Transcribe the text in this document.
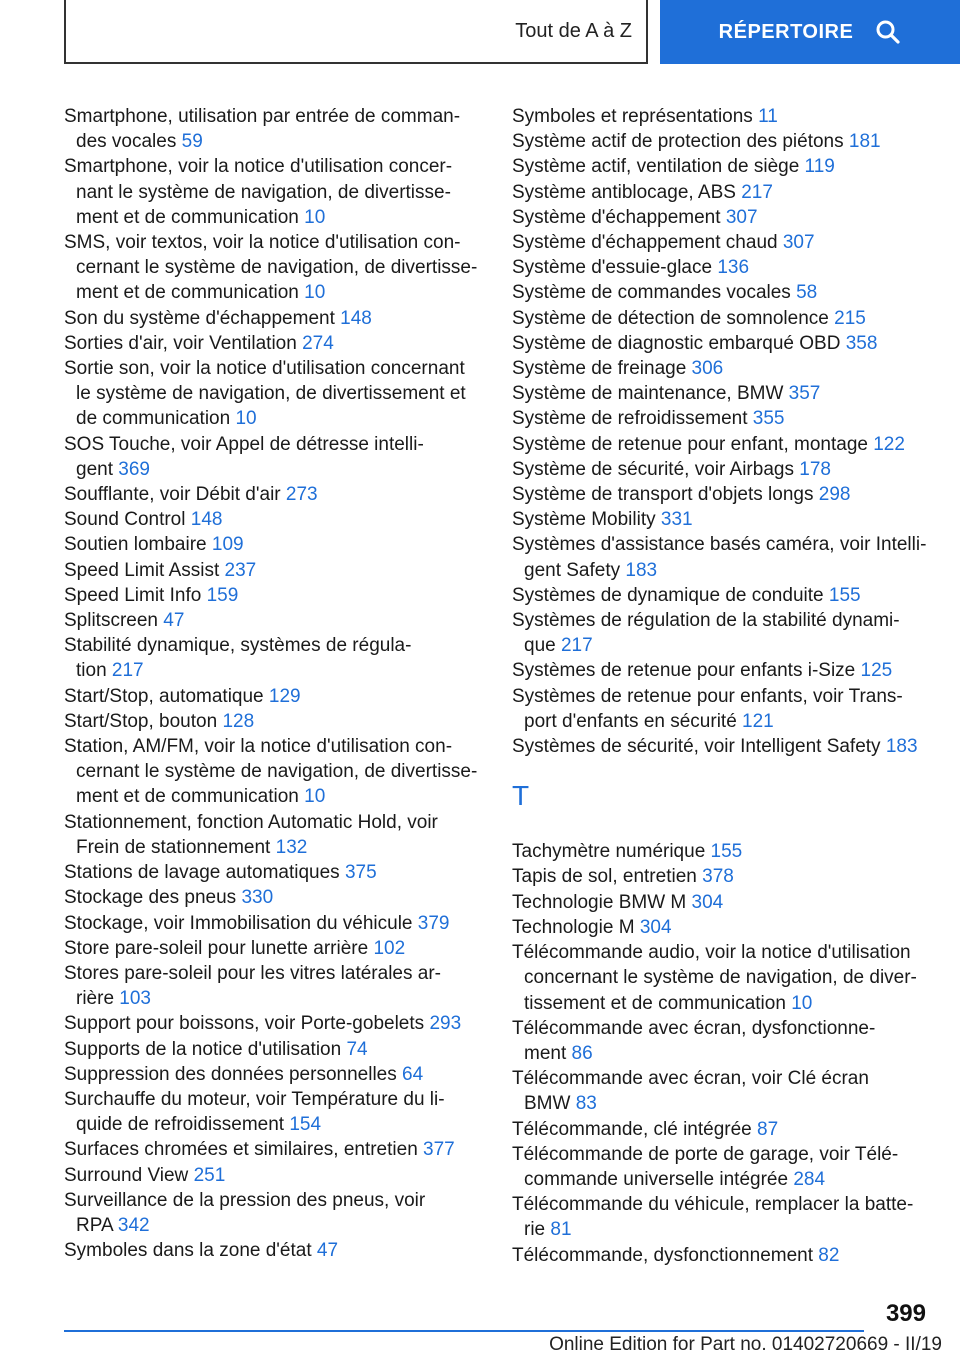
Tout de A à Z	RÉPERTOIRE
Smartphone, utilisation par entrée de comman‐
des vocales 59
Smartphone, voir la notice d'utilisation concer‐
nant le système de navigation, de divertisse‐
ment et de communication 10
SMS, voir textos, voir la notice d'utilisation con‐
cernant le système de navigation, de divertisse‐
ment et de communication 10
Son du système d'échappement 148
Sorties d'air, voir Ventilation 274
Sortie son, voir la notice d'utilisation concernant
le système de navigation, de divertissement et
de communication 10
SOS Touche, voir Appel de détresse intelli‐
gent 369
Soufflante, voir Débit d'air 273
Sound Control 148
Soutien lombaire 109
Speed Limit Assist 237
Speed Limit Info 159
Splitscreen 47
Stabilité dynamique, systèmes de régula‐
tion 217
Start/Stop, automatique 129
Start/Stop, bouton 128
Station, AM/FM, voir la notice d'utilisation con‐
cernant le système de navigation, de divertisse‐
ment et de communication 10
Stationnement, fonction Automatic Hold, voir
Frein de stationnement 132
Stations de lavage automatiques 375
Stockage des pneus 330
Stockage, voir Immobilisation du véhicule 379
Store pare-soleil pour lunette arrière 102
Stores pare-soleil pour les vitres latérales ar‐
rière 103
Support pour boissons, voir Porte-gobelets 293
Supports de la notice d'utilisation 74
Suppression des données personnelles 64
Surchauffe du moteur, voir Température du li‐
quide de refroidissement 154
Surfaces chromées et similaires, entretien 377
Surround View 251
Surveillance de la pression des pneus, voir
RPA 342
Symboles dans la zone d'état 47
Symboles et représentations 11
Système actif de protection des piétons 181
Système actif, ventilation de siège 119
Système antiblocage, ABS 217
Système d'échappement 307
Système d'échappement chaud 307
Système d'essuie-glace 136
Système de commandes vocales 58
Système de détection de somnolence 215
Système de diagnostic embarqué OBD 358
Système de freinage 306
Système de maintenance, BMW 357
Système de refroidissement 355
Système de retenue pour enfant, montage 122
Système de sécurité, voir Airbags 178
Système de transport d'objets longs 298
Système Mobility 331
Systèmes d'assistance basés caméra, voir Intelli‐
gent Safety 183
Systèmes de dynamique de conduite 155
Systèmes de régulation de la stabilité dynami‐
que 217
Systèmes de retenue pour enfants i-Size 125
Systèmes de retenue pour enfants, voir Trans‐
port d'enfants en sécurité 121
Systèmes de sécurité, voir Intelligent Safety 183
T
Tachymètre numérique 155
Tapis de sol, entretien 378
Technologie BMW M 304
Technologie M 304
Télécommande audio, voir la notice d'utilisation
concernant le système de navigation, de diver‐
tissement et de communication 10
Télécommande avec écran, dysfonctionne‐
ment 86
Télécommande avec écran, voir Clé écran
BMW 83
Télécommande, clé intégrée 87
Télécommande de porte de garage, voir Télé‐
commande universelle intégrée 284
Télécommande du véhicule, remplacer la batte‐
rie 81
Télécommande, dysfonctionnement 82
399
Online Edition for Part no. 01402720669 - II/19
